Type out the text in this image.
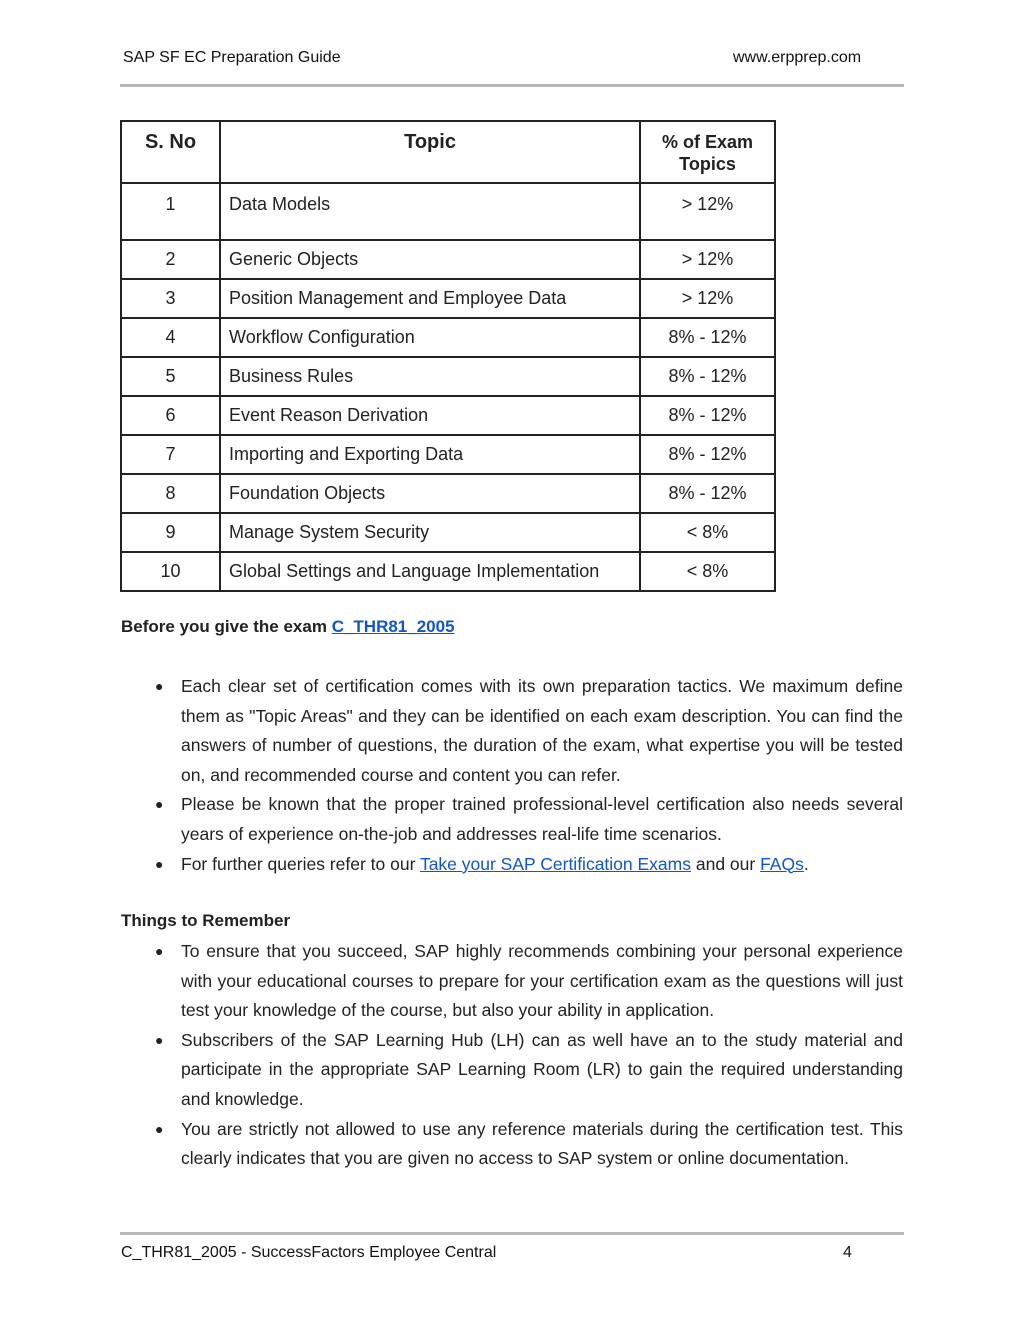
SAP SF EC Preparation Guide	www.erpprep.com
S. No	Topic	% of Exam Topics
1	Data Models	> 12%
2	Generic Objects	> 12%
3	Position Management and Employee Data	> 12%
4	Workflow Configuration	8% - 12%
5	Business Rules	8% - 12%
6	Event Reason Derivation	8% - 12%
7	Importing and Exporting Data	8% - 12%
8	Foundation Objects	8% - 12%
9	Manage System Security	< 8%
10	Global Settings and Language Implementation	< 8%
Before you give the exam C_THR81_2005
● Each clear set of certification comes with its own preparation tactics. We maximum define them as "Topic Areas" and they can be identified on each exam description. You can find the answers of number of questions, the duration of the exam, what expertise you will be tested on, and recommended course and content you can refer.
● Please be known that the proper trained professional-level certification also needs several years of experience on-the-job and addresses real-life time scenarios.
● For further queries refer to our Take your SAP Certification Exams and our FAQs.
Things to Remember
● To ensure that you succeed, SAP highly recommends combining your personal experience with your educational courses to prepare for your certification exam as the questions will just test your knowledge of the course, but also your ability in application.
● Subscribers of the SAP Learning Hub (LH) can as well have an to the study material and participate in the appropriate SAP Learning Room (LR) to gain the required understanding and knowledge.
● You are strictly not allowed to use any reference materials during the certification test. This clearly indicates that you are given no access to SAP system or online documentation.
C_THR81_2005 - SuccessFactors Employee Central	4
